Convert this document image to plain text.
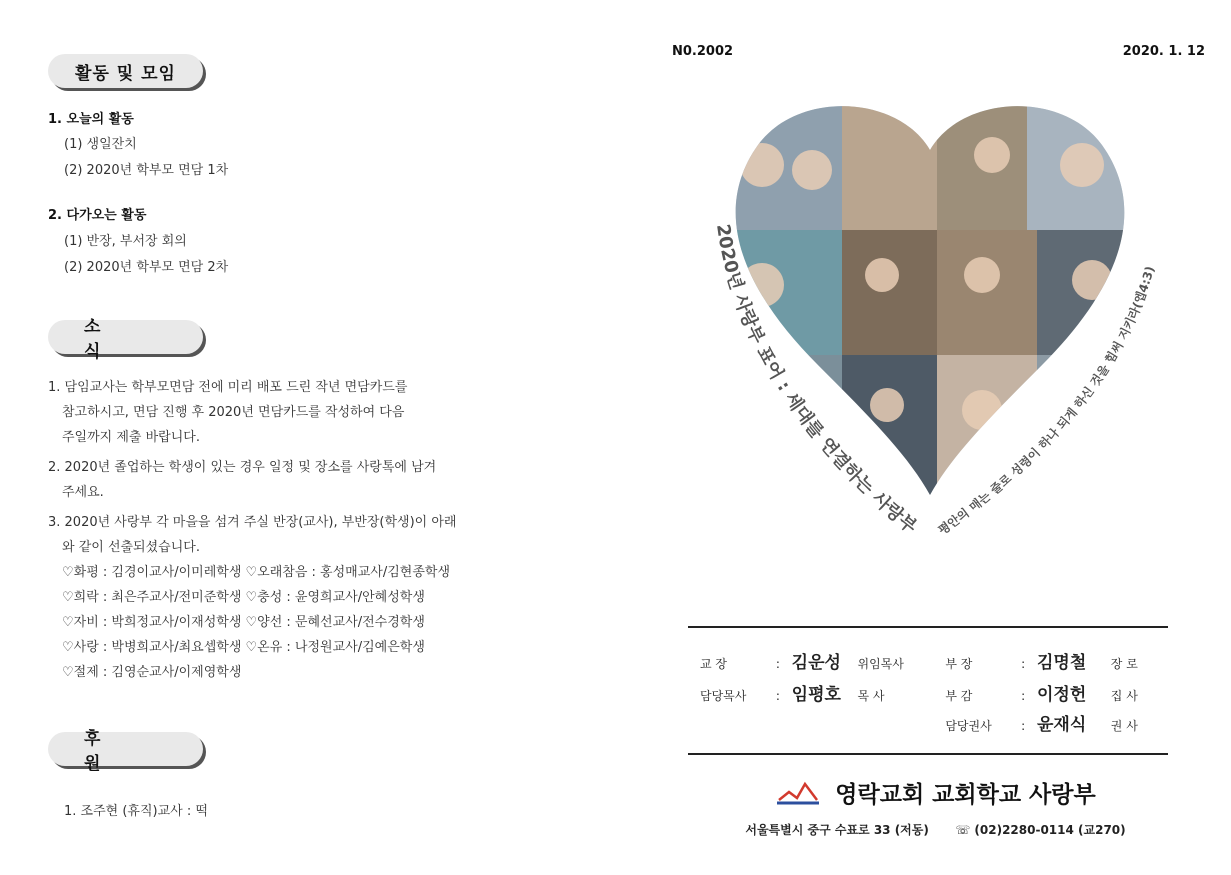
활동 및 모임
1. 오늘의 활동
(1) 생일잔치
(2) 2020년 학부모 면담 1차
2. 다가오는 활동
(1) 반장, 부서장 회의
(2) 2020년 학부모 면담 2차
소 식
1. 담임교사는 학부모면담 전에 미리 배포 드린 작년 면담카드를
참고하시고, 면담 진행 후 2020년 면담카드를 작성하여 다음
주일까지 제출 바랍니다.
2. 2020년 졸업하는 학생이 있는 경우 일정 및 장소를 사랑톡에 남겨
주세요.
3. 2020년 사랑부 각 마을을 섬겨 주실 반장(교사), 부반장(학생)이 아래
와 같이 선출되셨습니다.
♡화평 : 김경이교사/이미레학생 ♡오래참음 : 홍성매교사/김현종학생
♡희락 : 최은주교사/전미준학생 ♡충성 : 윤영희교사/안혜성학생
♡자비 : 박희정교사/이재성학생 ♡양선 : 문혜선교사/전수경학생
♡사랑 : 박병희교사/최요셉학생 ♡온유 : 나정원교사/김예은학생
♡절제 : 김영순교사/이제영학생
후 원
1. 조주현 (휴직)교사 : 떡
N0.2002	2020. 1. 12
2020년 사랑부 표어 : 세대를 연결하는 사랑부 평안의 매는 줄로 성령이 하나 되게 하신 것을 힘써 지키라(엡4:3)
교 장	: 김운성 위임목사	부 장	: 김명철 장 로
담당목사 : 임평호 목 사	부 감	: 이정헌 집 사
담당권사 : 윤재식 권 사
영락교회 교회학교 사랑부
서울특별시 중구 수표로 33 (저동) ☏ (02)2280-0114 (교270)
